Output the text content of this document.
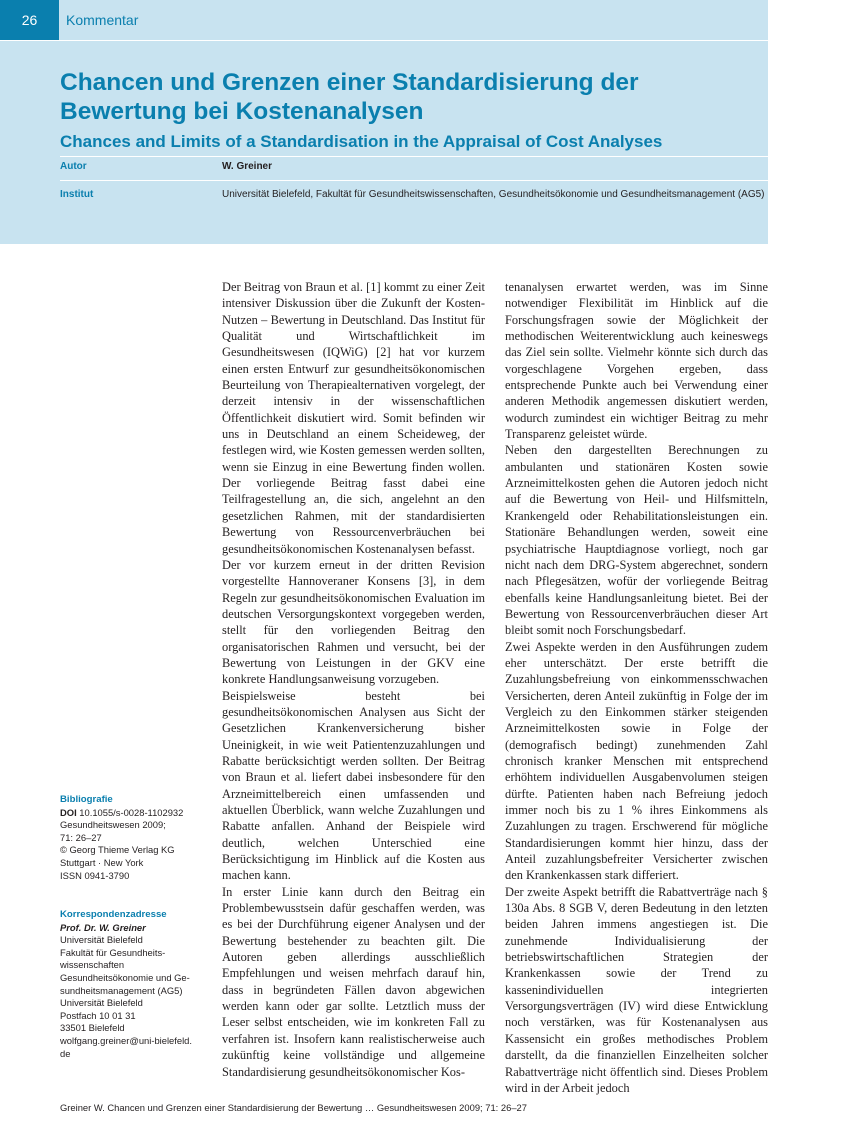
26	Kommentar
Chancen und Grenzen einer Standardisierung der Bewertung bei Kostenanalysen
Chances and Limits of a Standardisation in the Appraisal of Cost Analyses
Autor	W. Greiner
Institut	Universität Bielefeld, Fakultät für Gesundheitswissenschaften, Gesundheitsökonomie und Gesundheitsmanagement (AG5)

Der Beitrag von Braun et al. [1] kommt zu einer Zeit intensiver Diskussion über die Zukunft der Kosten-Nutzen – Bewertung in Deutschland. Das Institut für Qualität und Wirtschaftlichkeit im Gesundheitswesen (IQWiG) [2] hat vor kurzem einen ersten Entwurf zur gesundheitsökonomischen Beurteilung von Therapiealternativen vorgelegt, der derzeit intensiv in der wissenschaftlichen Öffentlichkeit diskutiert wird. Somit befinden wir uns in Deutschland an einem Scheideweg, der festlegen wird, wie Kosten gemessen werden sollten, wenn sie Einzug in eine Bewertung finden wollen. Der vorliegende Beitrag fasst dabei eine Teilfragestellung an, die sich, angelehnt an den gesetzlichen Rahmen, mit der standardisierten Bewertung von Ressourcenverbräuchen bei gesundheitsökonomischen Kostenanalysen befasst.

Der vor kurzem erneut in der dritten Revision vorgestellte Hannoveraner Konsens [3], in dem Regeln zur gesundheitsökonomischen Evaluation im deutschen Versorgungskontext vorgegeben werden, stellt für den vorliegenden Beitrag den organisatorischen Rahmen und versucht, bei der Bewertung von Leistungen in der GKV eine konkrete Handlungsanweisung vorzugeben.

Beispielsweise besteht bei gesundheitsökonomischen Analysen aus Sicht der Gesetzlichen Krankenversicherung bisher Uneinigkeit, in wie weit Patientenzuzahlungen und Rabatte berücksichtigt werden sollten. Der Beitrag von Braun et al. liefert dabei insbesondere für den Arzneimittelbereich einen umfassenden und aktuellen Überblick, wann welche Zuzahlungen und Rabatte anfallen. Anhand der Beispiele wird deutlich, welchen Unterschied eine Berücksichtigung im Hinblick auf die Kosten aus machen kann.

In erster Linie kann durch den Beitrag ein Problembewusstsein dafür geschaffen werden, was es bei der Durchführung eigener Analysen und der Bewertung bestehender zu beachten gilt. Die Autoren geben allerdings ausschließlich Empfehlungen und weisen mehrfach darauf hin, dass in begründeten Fällen davon abgewichen werden kann oder gar sollte. Letztlich muss der Leser selbst entscheiden, wie im konkreten Fall zu verfahren ist. Insofern kann realistischerweise auch zukünftig keine vollständige und allgemeine Standardisierung gesundheitsökonomischer Kos-

tenanalysen erwartet werden, was im Sinne notwendiger Flexibilität im Hinblick auf die Forschungsfragen sowie der Möglichkeit der methodischen Weiterentwicklung auch keineswegs das Ziel sein sollte. Vielmehr könnte sich durch das vorgeschlagene Vorgehen ergeben, dass entsprechende Punkte auch bei Verwendung einer anderen Methodik angemessen diskutiert werden, wodurch zumindest ein wichtiger Beitrag zu mehr Transparenz geleistet würde.

Neben den dargestellten Berechnungen zu ambulanten und stationären Kosten sowie Arzneimittelkosten gehen die Autoren jedoch nicht auf die Bewertung von Heil- und Hilfsmitteln, Krankengeld oder Rehabilitationsleistungen ein. Stationäre Behandlungen werden, soweit eine psychiatrische Hauptdiagnose vorliegt, noch gar nicht nach dem DRG-System abgerechnet, sondern nach Pflegesätzen, wofür der vorliegende Beitrag ebenfalls keine Handlungsanleitung bietet. Bei der Bewertung von Ressourcenverbräuchen dieser Art bleibt somit noch Forschungsbedarf.

Zwei Aspekte werden in den Ausführungen zudem eher unterschätzt. Der erste betrifft die Zuzahlungsbefreiung von einkommensschwachen Versicherten, deren Anteil zukünftig in Folge der im Vergleich zu den Einkommen stärker steigenden Arzneimittelkosten sowie in Folge der (demografisch bedingt) zunehmenden Zahl chronisch kranker Menschen mit entsprechend erhöhtem individuellen Ausgabenvolumen steigen dürfte. Patienten haben nach Befreiung jedoch immer noch bis zu 1 % ihres Einkommens als Zuzahlungen zu tragen. Erschwerend für mögliche Standardisierungen kommt hier hinzu, dass der Anteil zuzahlungsbefreiter Versicherter zwischen den Krankenkassen stark differiert.

Der zweite Aspekt betrifft die Rabattverträge nach § 130a Abs. 8 SGB V, deren Bedeutung in den letzten beiden Jahren immens angestiegen ist. Die zunehmende Individualisierung der betriebswirtschaftlichen Strategien der Krankenkassen sowie der Trend zu kassenindividuellen integrierten Versorgungsverträgen (IV) wird diese Entwicklung noch verstärken, was für Kostenanalysen aus Kassensicht ein großes methodisches Problem darstellt, da die finanziellen Einzelheiten solcher Rabattverträge nicht öffentlich sind. Dieses Problem wird in der Arbeit jedoch

Bibliografie
DOI 10.1055/s-0028-1102932
Gesundheitswesen 2009;
71: 26–27
© Georg Thieme Verlag KG
Stuttgart · New York
ISSN 0941-3790
Korrespondenzadresse
Prof. Dr. W. Greiner
Universität Bielefeld
Fakultät für Gesundheits-
wissenschaften
Gesundheitsökonomie und Ge-
sundheitsmanagement (AG5)
Universität Bielefeld
Postfach 10 01 31
33501 Bielefeld
wolfgang.greiner@uni-bielefeld.
de
Greiner W. Chancen und Grenzen einer Standardisierung der Bewertung … Gesundheitswesen 2009; 71: 26–27
